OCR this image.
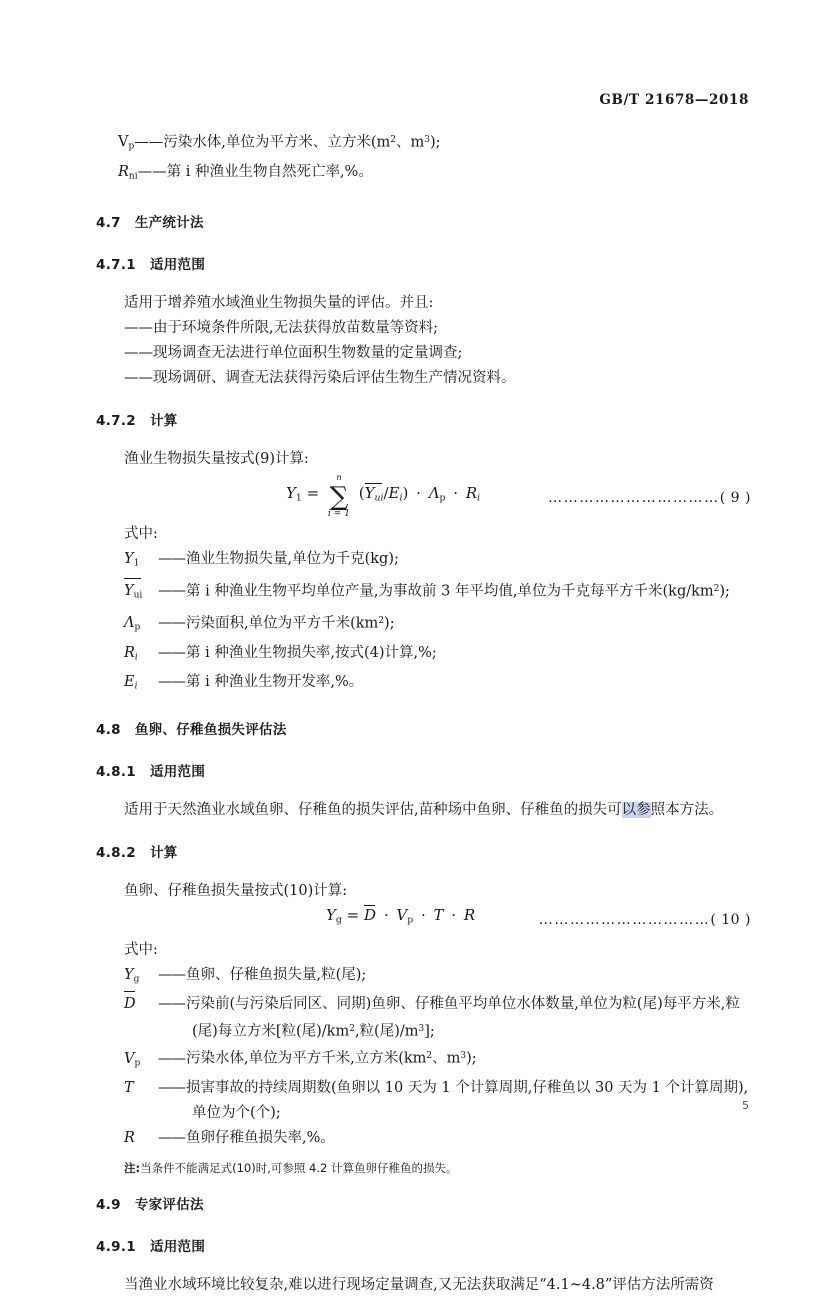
GB/T 21678—2018
$V_p——$污染水体,单位为平方米、立方米($m^2$、$m^3$);
$R_{ni}——$第 i 种渔业生物自然死亡率,%。
4.7 生产统计法
4.7.1 适用范围

适用于增养殖水域渔业生物损失量的评估。并且:

——由于环境条件所限,无法获得放苗数量等资料;

——现场调查无法进行单位面积生物数量的定量调查;

——现场调研、调查无法获得污染后评估生物生产情况资料。

4.7.2 计算

渔业生物损失量按式(9)计算:

$Y_1$ =
n
∑
i=1
$(Y_{ui}/E_i) \cdot \Lambda_p \cdot R_i$	……………………………( 9 )

式中:

$Y_1$	—— 渔业生物损失量,单位为千克(kg);
$Y_{ui}$	—— 第 i 种渔业生物平均单位产量,为事故前 3 年平均值,单位为千克每平方千米$(kg/km^2)$;
$\Lambda_p$	—— 污染面积,单位为平方千米$(km^2)$;
$R_i$	—— 第 i 种渔业生物损失率,按式(4)计算,%;
$E_i$	—— 第 i 种渔业生物开发率,%。
4.8 鱼卵、仔稚鱼损失评估法
4.8.1 适用范围

适用于天然渔业水域鱼卵、仔稚鱼的损失评估,苗种场中鱼卵、仔稚鱼的损失可以参照本方法。

4.8.2 计算

鱼卵、仔稚鱼损失量按式(10)计算:

$Y_g = D \cdot V_p \cdot T \cdot R$	……………………………( 10 )

式中:

$Y_g$	—— 鱼卵、仔稚鱼损失量,粒(尾);
D	—— 污染前(与污染后同区、同期)鱼卵、仔稚鱼平均单位水体数量,单位为粒(尾)每平方米,粒
(尾)每立方米[粒(尾)$/km^2$,粒(尾)$/m^3$];
$V_p$	—— 污染水体,单位为平方千米,立方米($km^2$、$m^3$);
T	—— 损害事故的持续周期数(鱼卵以 10 天为 1 个计算周期,仔稚鱼以 30 天为 1 个计算周期),
单位为个(个);
R	—— 鱼卵仔稚鱼损失率,%。
注:当条件不能满足式(10)时,可参照 4.2 计算鱼卵仔稚鱼的损失。
4.9 专家评估法
4.9.1 适用范围

当渔业水域环境比较复杂,难以进行现场定量调查,又无法获取满足“4.1~4.8”评估方法所需资

5
